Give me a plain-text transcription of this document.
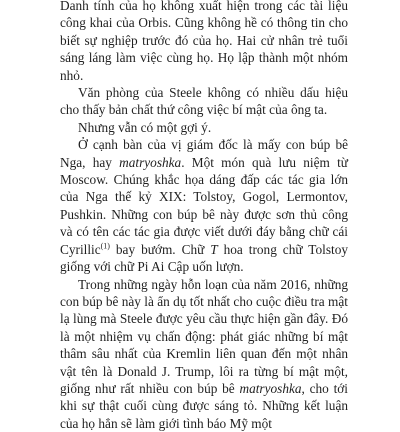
Danh tính của họ không xuất hiện trong các tài liệu công khai của Orbis. Cũng không hề có thông tin cho biết sự nghiệp trước đó của họ. Hai cử nhân trẻ tuổi sáng láng làm việc cùng họ. Họ lập thành một nhóm nhỏ.

Văn phòng của Steele không có nhiều dấu hiệu cho thấy bản chất thứ công việc bí mật của ông ta.

Nhưng vẫn có một gợi ý.

Ở cạnh bàn của vị giám đốc là mấy con búp bê Nga, hay matryoshka. Một món quà lưu niệm từ Moscow. Chúng khắc họa dáng đấp các tác gia lớn của Nga thế kỷ XIX: Tolstoy, Gogol, Lermontov, Pushkin. Những con búp bê này được sơn thủ công và có tên các tác gia được viết dưới đáy bằng chữ cái Cyrillic$^{(1)}$ bay bướm. Chữ T hoa trong chữ Tolstoy giống với chữ Pi Ai Cập uốn lượn.

Trong những ngày hỗn loạn của năm 2016, những con búp bê này là ẩn dụ tốt nhất cho cuộc điều tra mật lạ lùng mà Steele được yêu cầu thực hiện gần đây. Đó là một nhiệm vụ chấn động: phát giác những bí mật thâm sâu nhất của Kremlin liên quan đến một nhân vật tên là Donald J. Trump, lôi ra từng bí mật một, giống như rất nhiều con búp bê matryoshka, cho tới khi sự thật cuối cùng được sáng tỏ. Những kết luận của họ hẳn sẽ làm giới tình báo Mỹ một
